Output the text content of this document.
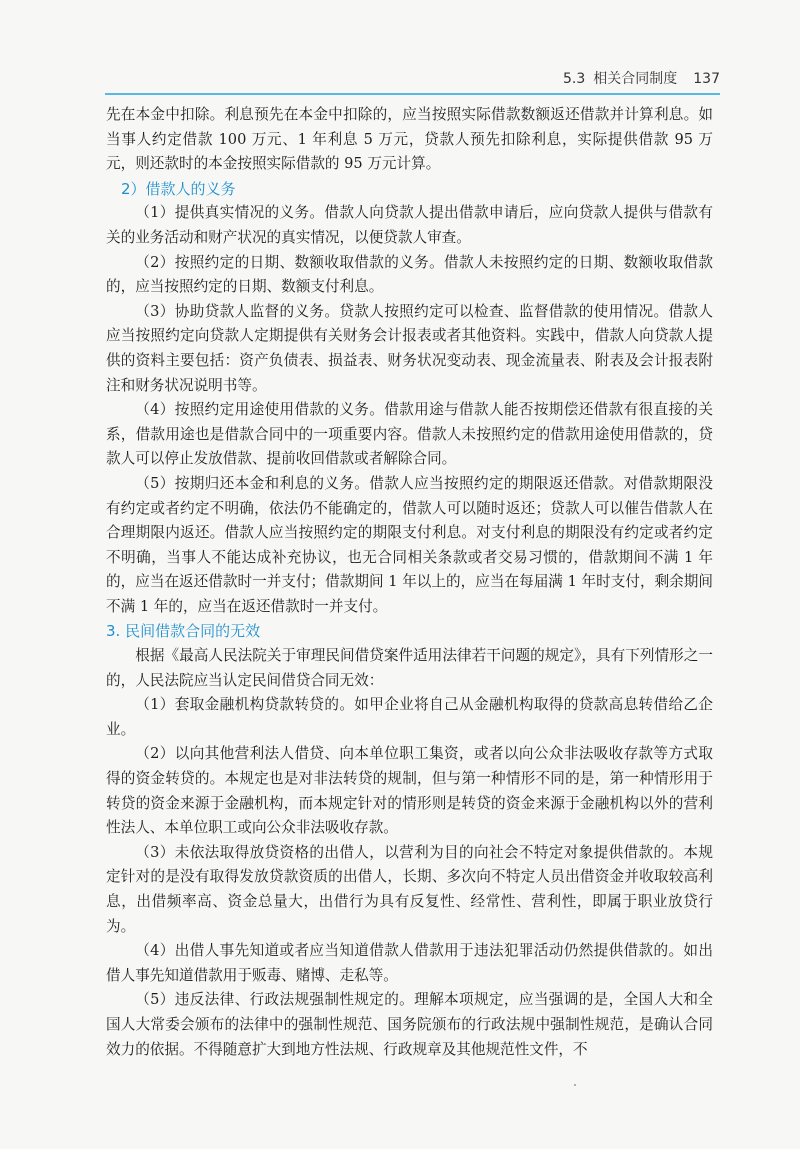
5.3 相关合同制度 137

先在本金中扣除。利息预先在本金中扣除的，应当按照实际借款数额返还借款并计算利息。如当事人约定借款 100 万元、1 年利息 5 万元，贷款人预先扣除利息，实际提供借款 95 万元，则还款时的本金按照实际借款的 95 万元计算。

2）借款人的义务

（1）提供真实情况的义务。借款人向贷款人提出借款申请后，应向贷款人提供与借款有关的业务活动和财产状况的真实情况，以便贷款人审查。

（2）按照约定的日期、数额收取借款的义务。借款人未按照约定的日期、数额收取借款的，应当按照约定的日期、数额支付利息。

（3）协助贷款人监督的义务。贷款人按照约定可以检查、监督借款的使用情况。借款人应当按照约定向贷款人定期提供有关财务会计报表或者其他资料。实践中，借款人向贷款人提供的资料主要包括：资产负债表、损益表、财务状况变动表、现金流量表、附表及会计报表附注和财务状况说明书等。

（4）按照约定用途使用借款的义务。借款用途与借款人能否按期偿还借款有很直接的关系，借款用途也是借款合同中的一项重要内容。借款人未按照约定的借款用途使用借款的，贷款人可以停止发放借款、提前收回借款或者解除合同。

（5）按期归还本金和利息的义务。借款人应当按照约定的期限返还借款。对借款期限没有约定或者约定不明确，依法仍不能确定的，借款人可以随时返还；贷款人可以催告借款人在合理期限内返还。借款人应当按照约定的期限支付利息。对支付利息的期限没有约定或者约定不明确，当事人不能达成补充协议，也无合同相关条款或者交易习惯的，借款期间不满 1 年的，应当在返还借款时一并支付；借款期间 1 年以上的，应当在每届满 1 年时支付，剩余期间不满 1 年的，应当在返还借款时一并支付。

3. 民间借款合同的无效

根据《最高人民法院关于审理民间借贷案件适用法律若干问题的规定》，具有下列情形之一的，人民法院应当认定民间借贷合同无效：

（1）套取金融机构贷款转贷的。如甲企业将自己从金融机构取得的贷款高息转借给乙企业。

（2）以向其他营利法人借贷、向本单位职工集资，或者以向公众非法吸收存款等方式取得的资金转贷的。本规定也是对非法转贷的规制，但与第一种情形不同的是，第一种情形用于转贷的资金来源于金融机构，而本规定针对的情形则是转贷的资金来源于金融机构以外的营利性法人、本单位职工或向公众非法吸收存款。

（3）未依法取得放贷资格的出借人，以营利为目的向社会不特定对象提供借款的。本规定针对的是没有取得发放贷款资质的出借人，长期、多次向不特定人员出借资金并收取较高利息，出借频率高、资金总量大，出借行为具有反复性、经常性、营利性，即属于职业放贷行为。

（4）出借人事先知道或者应当知道借款人借款用于违法犯罪活动仍然提供借款的。如出借人事先知道借款用于贩毒、赌博、走私等。

（5）违反法律、行政法规强制性规定的。理解本项规定，应当强调的是，全国人大和全国人大常委会颁布的法律中的强制性规范、国务院颁布的行政法规中强制性规范，是确认合同效力的依据。不得随意扩大到地方性法规、行政规章及其他规范性文件，不
